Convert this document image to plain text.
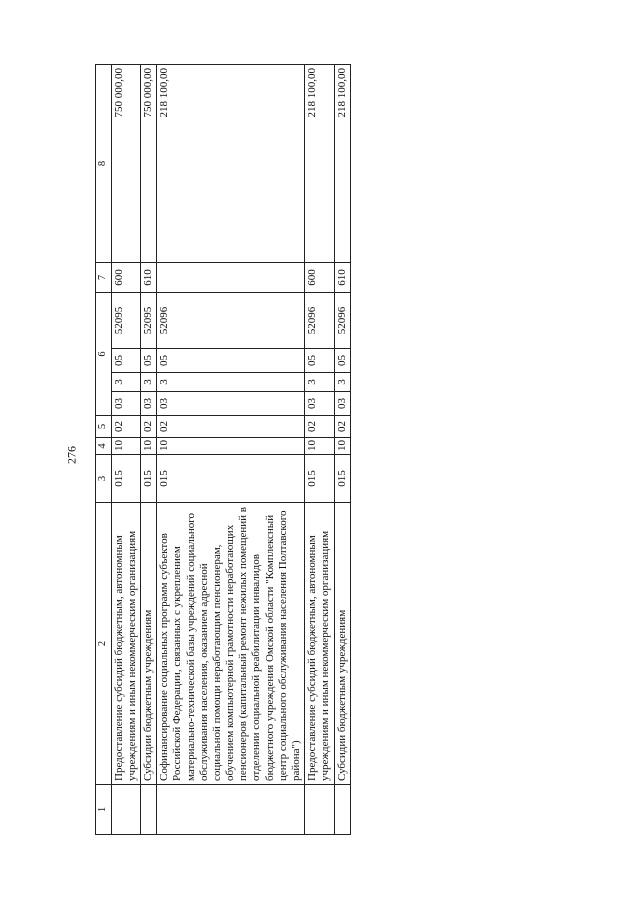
276
1	2	3	4	5	6				7	8
	Предоставление субсидий бюджетным, автономным учреждениям и иным некоммерческим организациям	015	10	02	03	3	05	52095	600	750 000,00
	Субсидии бюджетным учреждениям	015	10	02	03	3	05	52095	610	750 000,00
	Софинансирование социальных программ субъектов Российской Федерации, связанных с укреплением материально-технической базы учреждений социального обслуживания населения, оказанием адресной социальной помощи неработающим пенсионерам, обучением компьютерной грамотности неработающих пенсионеров (капитальный ремонт нежилых помещений в отделении социальной реабилитации инвалидов бюджетного учреждения Омской области "Комплексный центр социального обслуживания населения Полтавского района")	015	10	02	03	3	05	52096		218 100,00
	Предоставление субсидий бюджетным, автономным учреждениям и иным некоммерческим организациям	015	10	02	03	3	05	52096	600	218 100,00
	Субсидии бюджетным учреждениям	015	10	02	03	3	05	52096	610	218 100,00
